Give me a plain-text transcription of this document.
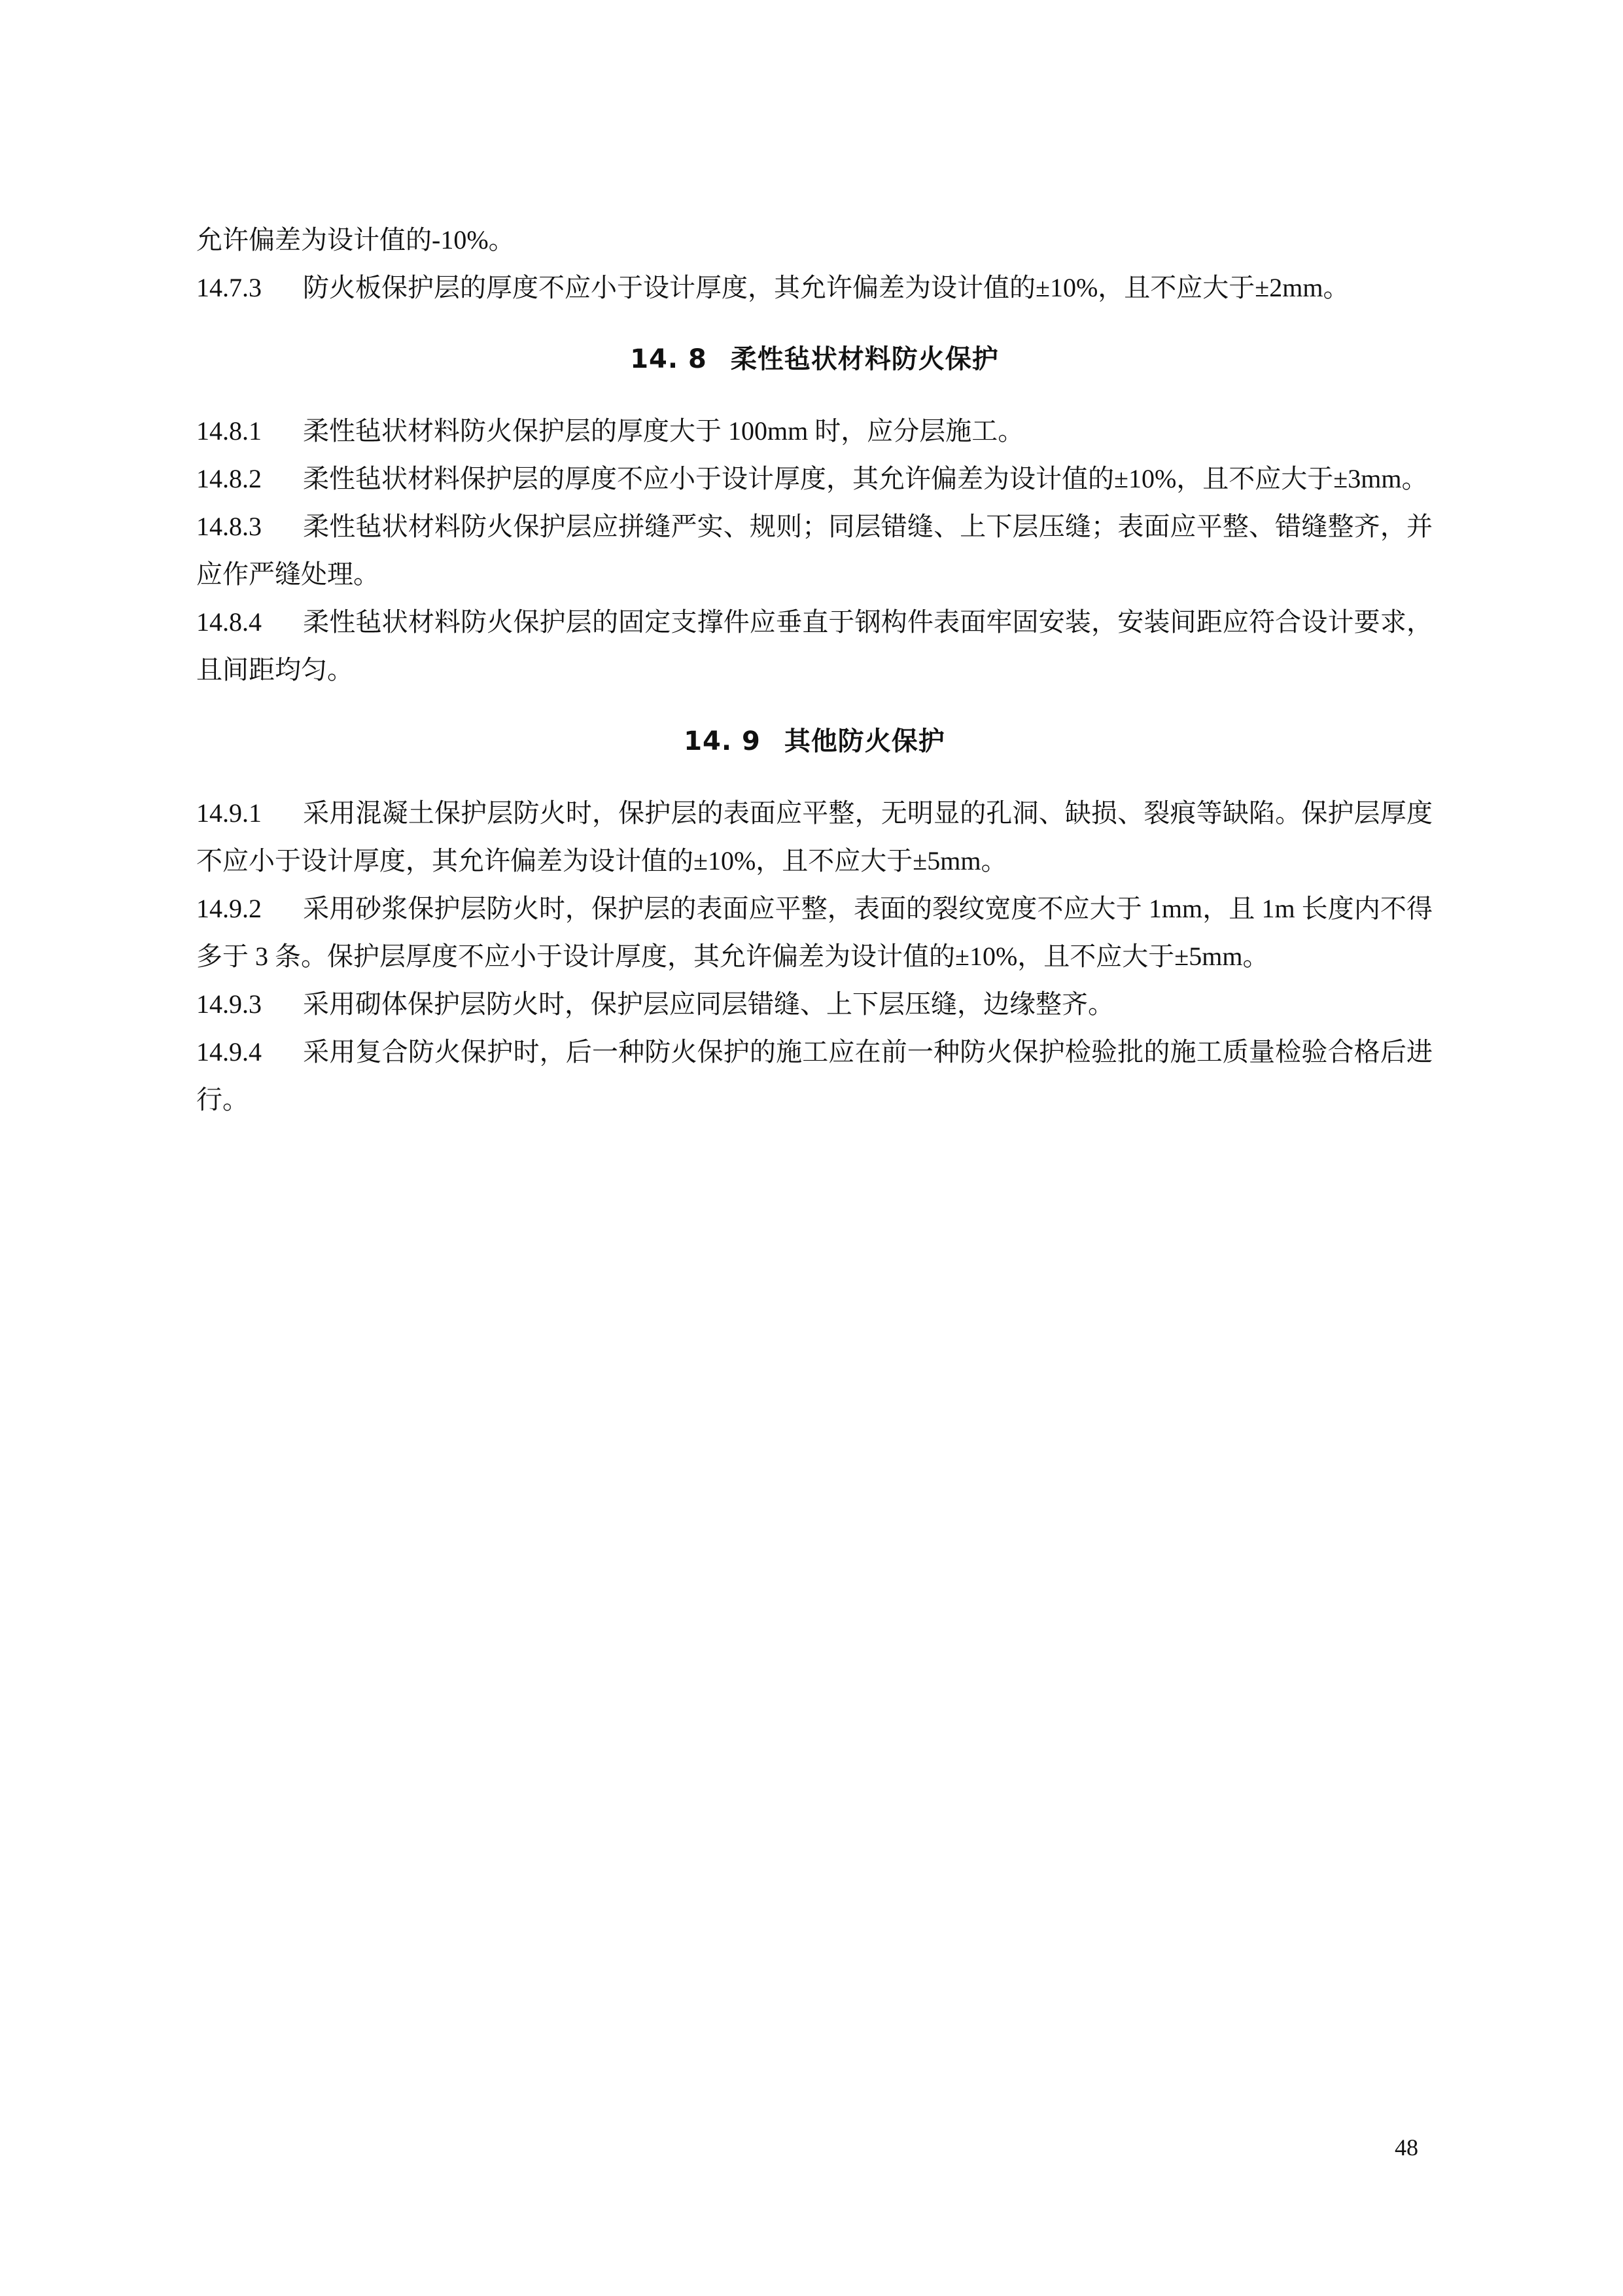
允许偏差为设计值的-10%。

14.7.3 防火板保护层的厚度不应小于设计厚度，其允许偏差为设计值的±10%，且不应大于±2mm。

14. 8 柔性毡状材料防火保护

14.8.1 柔性毡状材料防火保护层的厚度大于 100mm 时，应分层施工。

14.8.2 柔性毡状材料保护层的厚度不应小于设计厚度，其允许偏差为设计值的±10%，且不应大于±3mm。

14.8.3 柔性毡状材料防火保护层应拼缝严实、规则；同层错缝、上下层压缝；表面应平整、错缝整齐，并应作严缝处理。

14.8.4 柔性毡状材料防火保护层的固定支撑件应垂直于钢构件表面牢固安装，安装间距应符合设计要求，且间距均匀。

14. 9 其他防火保护

14.9.1 采用混凝土保护层防火时，保护层的表面应平整，无明显的孔洞、缺损、裂痕等缺陷。保护层厚度不应小于设计厚度，其允许偏差为设计值的±10%，且不应大于±5mm。

14.9.2 采用砂浆保护层防火时，保护层的表面应平整，表面的裂纹宽度不应大于 1mm，且 1m 长度内不得多于 3 条。保护层厚度不应小于设计厚度，其允许偏差为设计值的±10%，且不应大于±5mm。

14.9.3 采用砌体保护层防火时，保护层应同层错缝、上下层压缝，边缘整齐。

14.9.4 采用复合防火保护时，后一种防火保护的施工应在前一种防火保护检验批的施工质量检验合格后进行。

48
